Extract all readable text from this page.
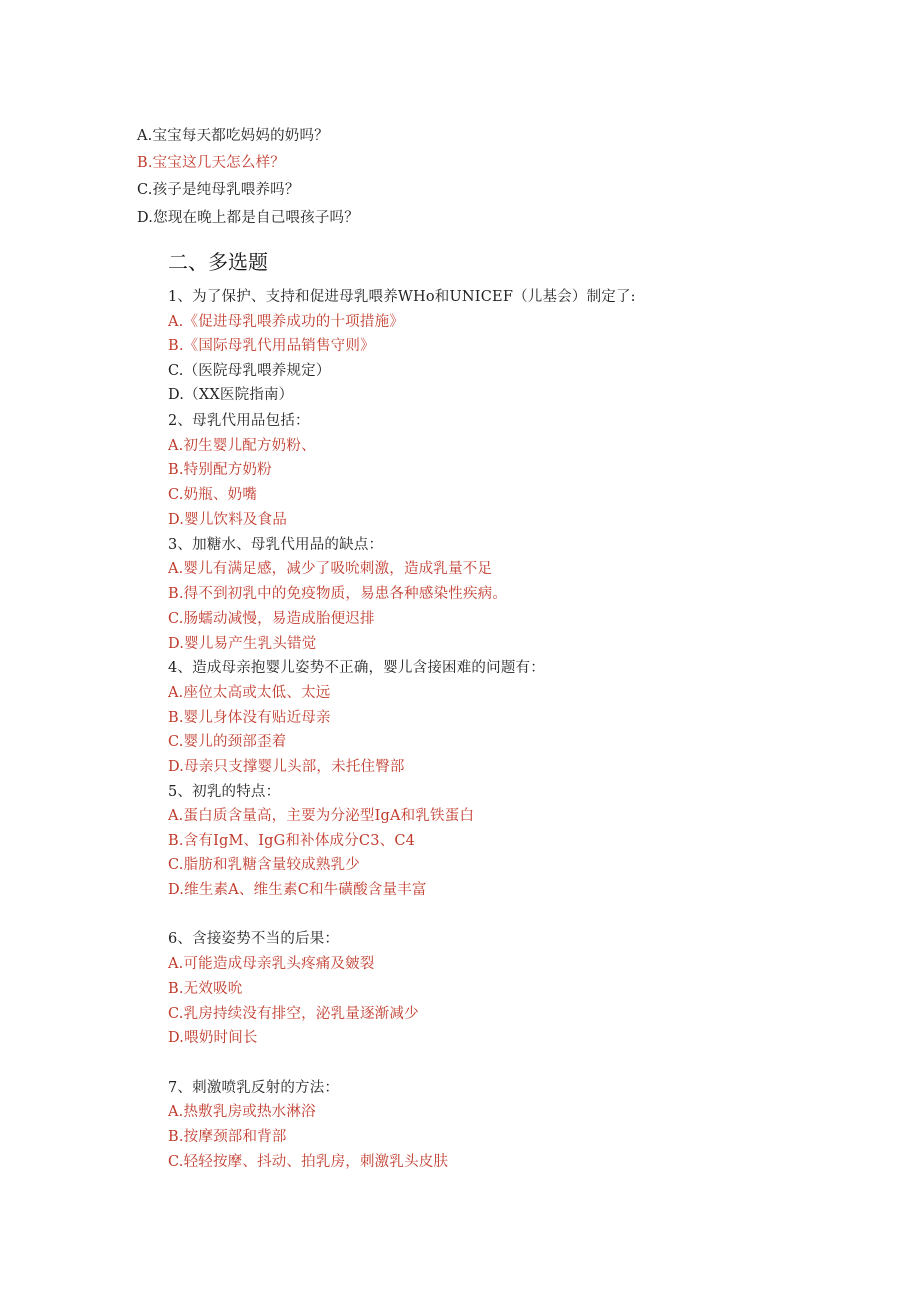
A.宝宝每天都吃妈妈的奶吗？
B.宝宝这几天怎么样？
C.孩子是纯母乳喂养吗？
D.您现在晚上都是自己喂孩子吗？
二、多选题
1、为了保护、支持和促进母乳喂养WHo和UNICEF（儿基会）制定了:
A.《促进母乳喂养成功的十项措施》
B.《国际母乳代用品销售守则》
C.（医院母乳喂养规定）
D.（XX医院指南）
2、母乳代用品包括：
A.初生婴儿配方奶粉、
B.特别配方奶粉
C.奶瓶、奶嘴
D.婴儿饮料及食品
3、加糖水、母乳代用品的缺点：
A.婴儿有满足感，减少了吸吮刺激，造成乳量不足
B.得不到初乳中的免疫物质，易患各种感染性疾病。
C.肠蠕动减慢，易造成胎便迟排
D.婴儿易产生乳头错觉
4、造成母亲抱婴儿姿势不正确，婴儿含接困难的问题有：
A.座位太高或太低、太远
B.婴儿身体没有贴近母亲
C.婴儿的颈部歪着
D.母亲只支撑婴儿头部，未托住臀部
5、初乳的特点：
A.蛋白质含量高，主要为分泌型IgA和乳铁蛋白
B.含有IgM、IgG和补体成分C3、C4
C.脂肪和乳糖含量较成熟乳少
D.维生素A、维生素C和牛磺酸含量丰富
6、含接姿势不当的后果：
A.可能造成母亲乳头疼痛及皴裂
B.无效吸吮
C.乳房持续没有排空，泌乳量逐渐减少
D.喂奶时间长
7、刺激喷乳反射的方法：
A.热敷乳房或热水淋浴
B.按摩颈部和背部
C.轻轻按摩、抖动、拍乳房，刺激乳头皮肤
